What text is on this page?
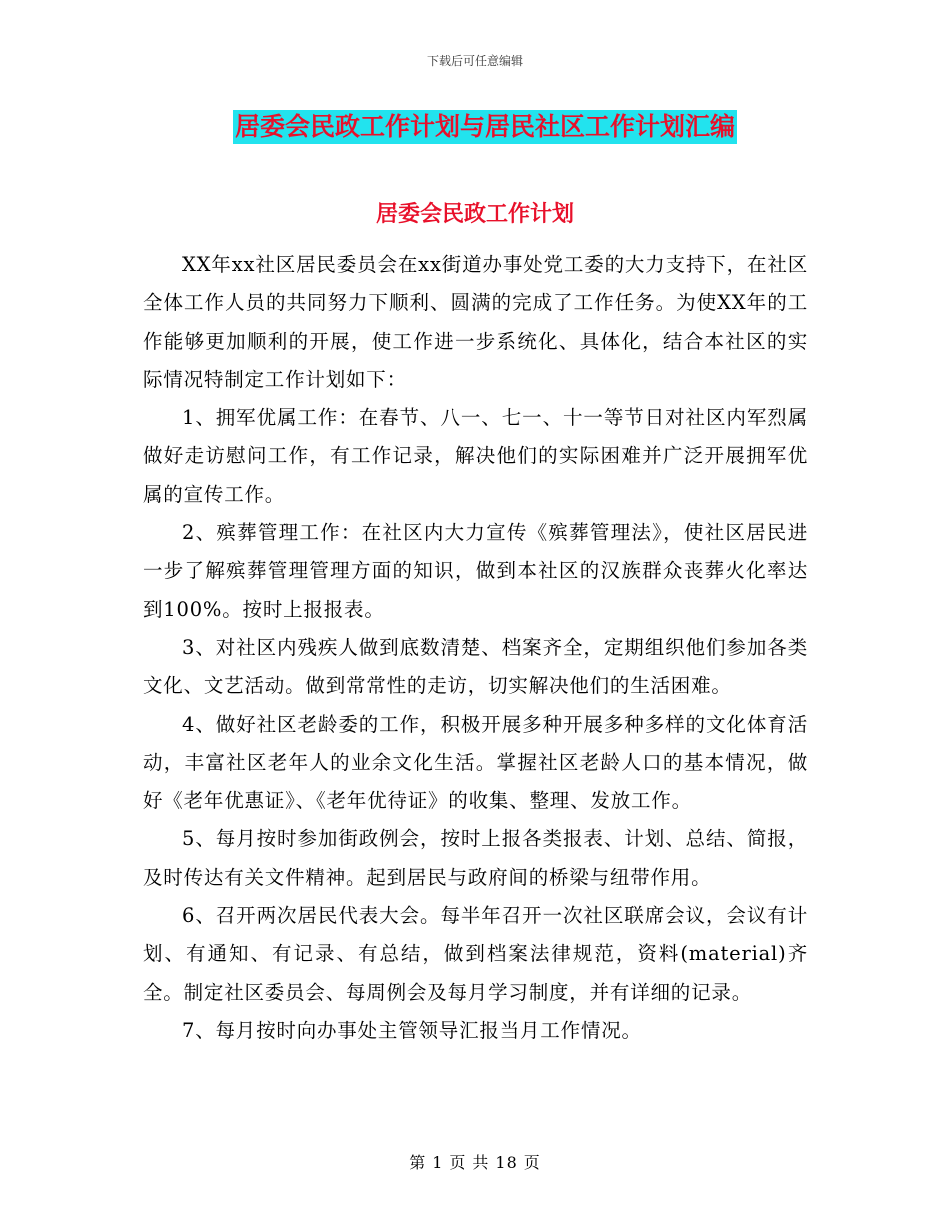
下载后可任意编辑
居委会民政工作计划与居民社区工作计划汇编
居委会民政工作计划

XX年xx社区居民委员会在xx街道办事处党工委的大力支持下，在社区全体工作人员的共同努力下顺利、圆满的完成了工作任务。为使XX年的工作能够更加顺利的开展，使工作进一步系统化、具体化，结合本社区的实际情况特制定工作计划如下：

1、拥军优属工作：在春节、八一、七一、十一等节日对社区内军烈属做好走访慰问工作，有工作记录，解决他们的实际困难并广泛开展拥军优属的宣传工作。

2、殡葬管理工作：在社区内大力宣传《殡葬管理法》，使社区居民进一步了解殡葬管理管理方面的知识，做到本社区的汉族群众丧葬火化率达到100%。按时上报报表。

3、对社区内残疾人做到底数清楚、档案齐全，定期组织他们参加各类文化、文艺活动。做到常常性的走访，切实解决他们的生活困难。

4、做好社区老龄委的工作，积极开展多种开展多种多样的文化体育活动，丰富社区老年人的业余文化生活。掌握社区老龄人口的基本情况，做好《老年优惠证》、《老年优待证》的收集、整理、发放工作。

5、每月按时参加街政例会，按时上报各类报表、计划、总结、简报，及时传达有关文件精神。起到居民与政府间的桥梁与纽带作用。

6、召开两次居民代表大会。每半年召开一次社区联席会议，会议有计划、有通知、有记录、有总结，做到档案法律规范，资料(material)齐全。制定社区委员会、每周例会及每月学习制度，并有详细的记录。

7、每月按时向办事处主管领导汇报当月工作情况。

第 1 页 共 18 页
